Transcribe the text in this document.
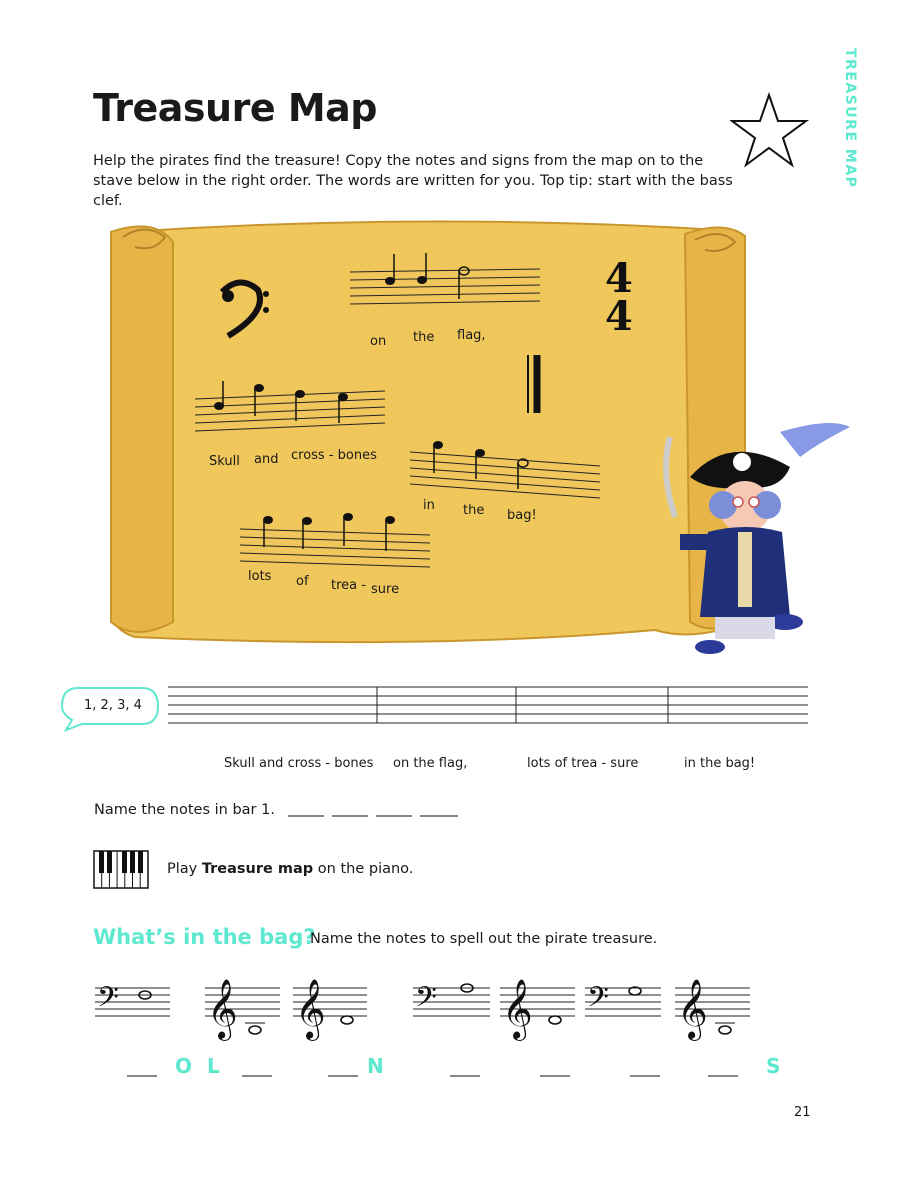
Treasure Map	TREASURE MAP
Help the pirates find the treasure! Copy the notes and signs from the map on to the stave below in the right order. The words are written for you. Top tip: start with the bass clef.
4
4
on the flag,
Skull and cross - bones
in the bag!
lots of trea - sure
1, 2, 3, 4
Skull and cross - bones on the flag,	lots of trea - sure	in the bag!
Name the notes in bar 1.
Play Treasure map on the piano.
What’s in the bag?
Name the notes to spell out the pirate treasure.
𝄢 𝄞 𝄞	𝄢 𝄞 𝄢 𝄞
O L	N	S
21
